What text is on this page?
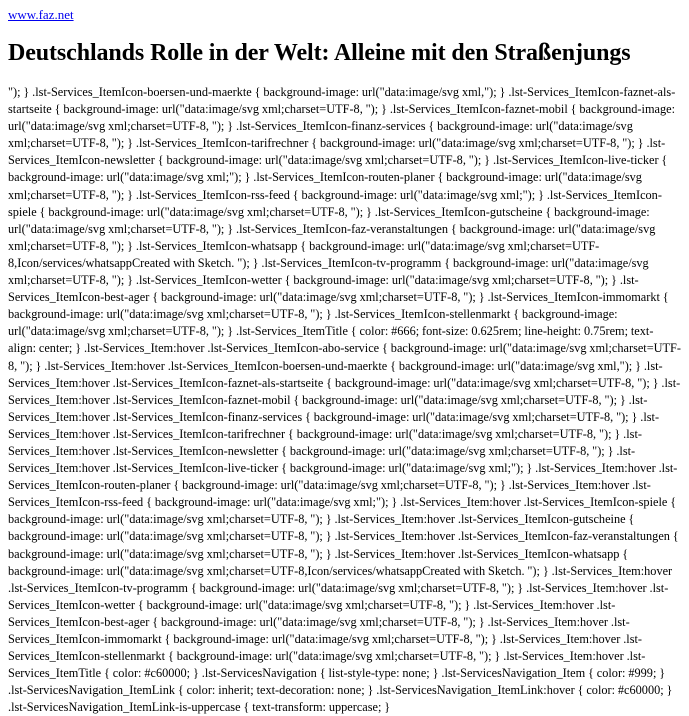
www.faz.net
Deutschlands Rolle in der Welt: Alleine mit den Straßenjungs

"); } .lst-Services_ItemIcon-boersen-und-maerkte { background-image: url("data:image/svg xml,"); } .lst-Services_ItemIcon-faznet-als-startseite { background-image: url("data:image/svg xml;charset=UTF-8, "); } .lst-Services_ItemIcon-faznet-mobil { background-image: url("data:image/svg xml;charset=UTF-8, "); } .lst-Services_ItemIcon-finanz-services { background-image: url("data:image/svg xml;charset=UTF-8, "); } .lst-Services_ItemIcon-tarifrechner { background-image: url("data:image/svg xml;charset=UTF-8, "); } .lst-Services_ItemIcon-newsletter { background-image: url("data:image/svg xml;charset=UTF-8, "); } .lst-Services_ItemIcon-live-ticker { background-image: url("data:image/svg xml;"); } .lst-Services_ItemIcon-routen-planer { background-image: url("data:image/svg xml;charset=UTF-8, "); } .lst-Services_ItemIcon-rss-feed { background-image: url("data:image/svg xml;"); } .lst-Services_ItemIcon-spiele { background-image: url("data:image/svg xml;charset=UTF-8, "); } .lst-Services_ItemIcon-gutscheine { background-image: url("data:image/svg xml;charset=UTF-8, "); } .lst-Services_ItemIcon-faz-veranstaltungen { background-image: url("data:image/svg xml;charset=UTF-8, "); } .lst-Services_ItemIcon-whatsapp { background-image: url("data:image/svg xml;charset=UTF-8,Icon/services/whatsappCreated with Sketch. "); } .lst-Services_ItemIcon-tv-programm { background-image: url("data:image/svg xml;charset=UTF-8, "); } .lst-Services_ItemIcon-wetter { background-image: url("data:image/svg xml;charset=UTF-8, "); } .lst-Services_ItemIcon-best-ager { background-image: url("data:image/svg xml;charset=UTF-8, "); } .lst-Services_ItemIcon-immomarkt { background-image: url("data:image/svg xml;charset=UTF-8, "); } .lst-Services_ItemIcon-stellenmarkt { background-image: url("data:image/svg xml;charset=UTF-8, "); } .lst-Services_ItemTitle { color: #666; font-size: 0.625rem; line-height: 0.75rem; text-align: center; } .lst-Services_Item:hover .lst-Services_ItemIcon-abo-service { background-image: url("data:image/svg xml;charset=UTF-8, "); } .lst-Services_Item:hover .lst-Services_ItemIcon-boersen-und-maerkte { background-image: url("data:image/svg xml,"); } .lst-Services_Item:hover .lst-Services_ItemIcon-faznet-als-startseite { background-image: url("data:image/svg xml;charset=UTF-8, "); } .lst-Services_Item:hover .lst-Services_ItemIcon-faznet-mobil { background-image: url("data:image/svg xml;charset=UTF-8, "); } .lst-Services_Item:hover .lst-Services_ItemIcon-finanz-services { background-image: url("data:image/svg xml;charset=UTF-8, "); } .lst-Services_Item:hover .lst-Services_ItemIcon-tarifrechner { background-image: url("data:image/svg xml;charset=UTF-8, "); } .lst-Services_Item:hover .lst-Services_ItemIcon-newsletter { background-image: url("data:image/svg xml;charset=UTF-8, "); } .lst-Services_Item:hover .lst-Services_ItemIcon-live-ticker { background-image: url("data:image/svg xml;"); } .lst-Services_Item:hover .lst-Services_ItemIcon-routen-planer { background-image: url("data:image/svg xml;charset=UTF-8, "); } .lst-Services_Item:hover .lst-Services_ItemIcon-rss-feed { background-image: url("data:image/svg xml;"); } .lst-Services_Item:hover .lst-Services_ItemIcon-spiele { background-image: url("data:image/svg xml;charset=UTF-8, "); } .lst-Services_Item:hover .lst-Services_ItemIcon-gutscheine { background-image: url("data:image/svg xml;charset=UTF-8, "); } .lst-Services_Item:hover .lst-Services_ItemIcon-faz-veranstaltungen { background-image: url("data:image/svg xml;charset=UTF-8, "); } .lst-Services_Item:hover .lst-Services_ItemIcon-whatsapp { background-image: url("data:image/svg xml;charset=UTF-8,Icon/services/whatsappCreated with Sketch. "); } .lst-Services_Item:hover .lst-Services_ItemIcon-tv-programm { background-image: url("data:image/svg xml;charset=UTF-8, "); } .lst-Services_Item:hover .lst-Services_ItemIcon-wetter { background-image: url("data:image/svg xml;charset=UTF-8, "); } .lst-Services_Item:hover .lst-Services_ItemIcon-best-ager { background-image: url("data:image/svg xml;charset=UTF-8, "); } .lst-Services_Item:hover .lst-Services_ItemIcon-immomarkt { background-image: url("data:image/svg xml;charset=UTF-8, "); } .lst-Services_Item:hover .lst-Services_ItemIcon-stellenmarkt { background-image: url("data:image/svg xml;charset=UTF-8, "); } .lst-Services_Item:hover .lst-Services_ItemTitle { color: #c60000; } .lst-ServicesNavigation { list-style-type: none; } .lst-ServicesNavigation_Item { color: #999; } .lst-ServicesNavigation_ItemLink { color: inherit; text-decoration: none; } .lst-ServicesNavigation_ItemLink:hover { color: #c60000; } .lst-ServicesNavigation_ItemLink-is-uppercase { text-transform: uppercase; }
